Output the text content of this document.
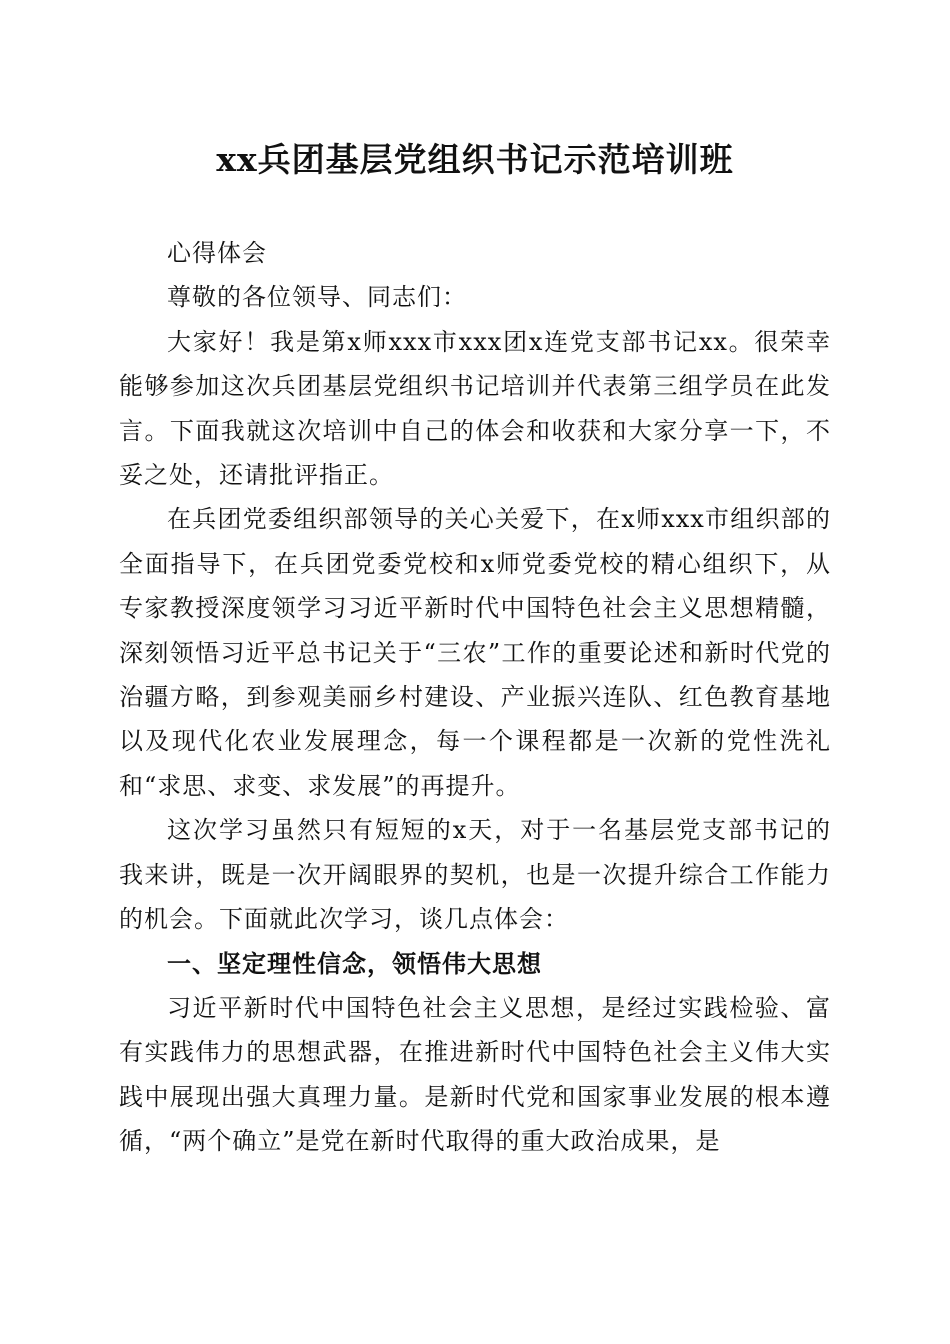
xx兵团基层党组织书记示范培训班

心得体会

尊敬的各位领导、同志们：

大家好！我是第x师xxx市xxx团x连党支部书记xx。很荣幸能够参加这次兵团基层党组织书记培训并代表第三组学员在此发言。下面我就这次培训中自己的体会和收获和大家分享一下，不妥之处，还请批评指正。

在兵团党委组织部领导的关心关爱下，在x师xxx市组织部的全面指导下，在兵团党委党校和x师党委党校的精心组织下，从专家教授深度领学习习近平新时代中国特色社会主义思想精髓，深刻领悟习近平总书记关于“三农”工作的重要论述和新时代党的治疆方略，到参观美丽乡村建设、产业振兴连队、红色教育基地以及现代化农业发展理念，每一个课程都是一次新的党性洗礼和“求思、求变、求发展”的再提升。

这次学习虽然只有短短的x天，对于一名基层党支部书记的我来讲，既是一次开阔眼界的契机，也是一次提升综合工作能力的机会。下面就此次学习，谈几点体会：

一、坚定理性信念，领悟伟大思想

习近平新时代中国特色社会主义思想，是经过实践检验、富有实践伟力的思想武器，在推进新时代中国特色社会主义伟大实践中展现出强大真理力量。是新时代党和国家事业发展的根本遵循，“两个确立”是党在新时代取得的重大政治成果，是
